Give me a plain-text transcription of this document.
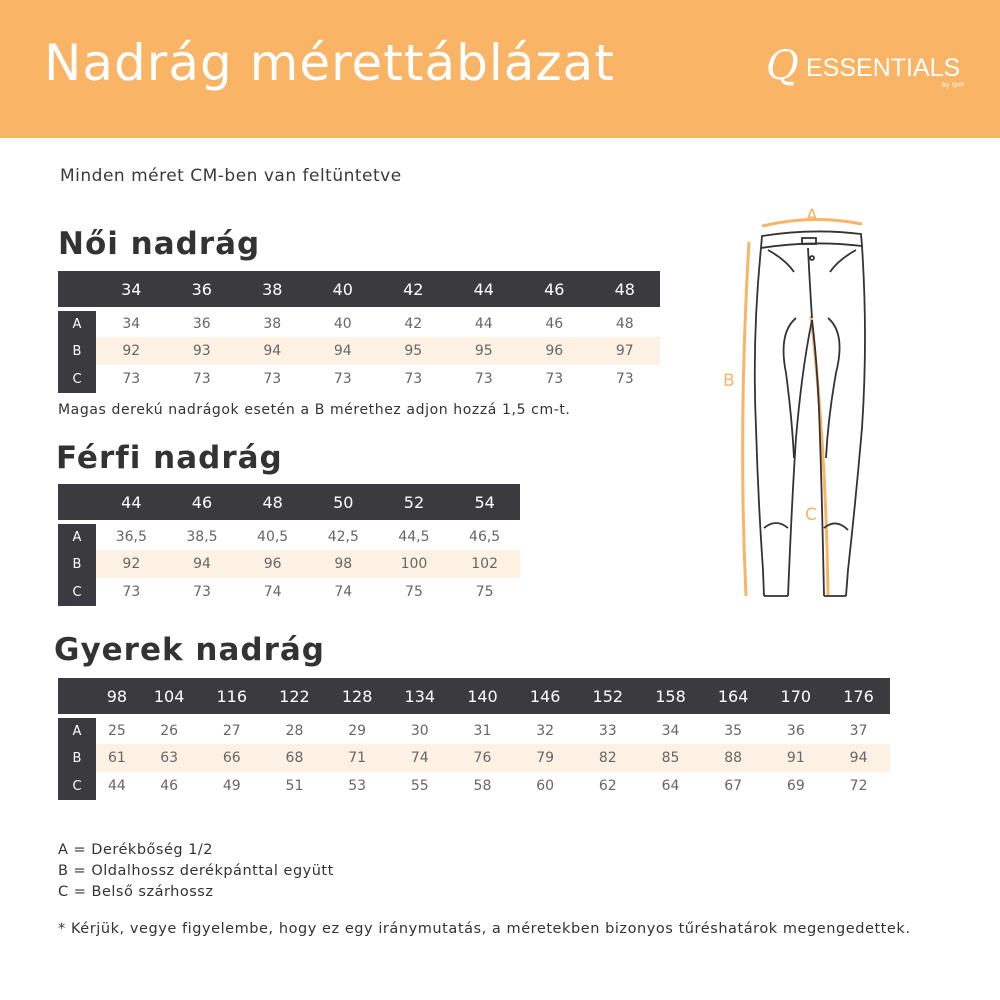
Nadrág mérettáblázat	Q ESSENTIALS
By QHP
Minden méret CM-ben van feltüntetve
Női nadrág
	34	36	38	40	42	44	46	48
A	34	36	38	40	42	44	46	48
B	92	93	94	94	95	95	96	97
C	73	73	73	73	73	73	73	73
Magas derekú nadrágok esetén a B mérethez adjon hozzá 1,5 cm-t.
Férfi nadrág
	44	46	48	50	52	54
A	36,5	38,5	40,5	42,5	44,5	46,5
B	92	94	96	98	100	102
C	73	73	74	74	75	75
Gyerek nadrág
	98	104	116	122	128	134	140	146	152	158	164	170	176
A	25	26	27	28	29	30	31	32	33	34	35	36	37
B	61	63	66	68	71	74	76	79	82	85	88	91	94
C	44	46	49	51	53	55	58	60	62	64	67	69	72
A
B
C
A = Derékbőség 1/2
B = Oldalhossz derékpánttal együtt
C = Belső szárhossz
* Kérjük, vegye figyelembe, hogy ez egy iránymutatás, a méretekben bizonyos tűréshatárok megengedettek.
